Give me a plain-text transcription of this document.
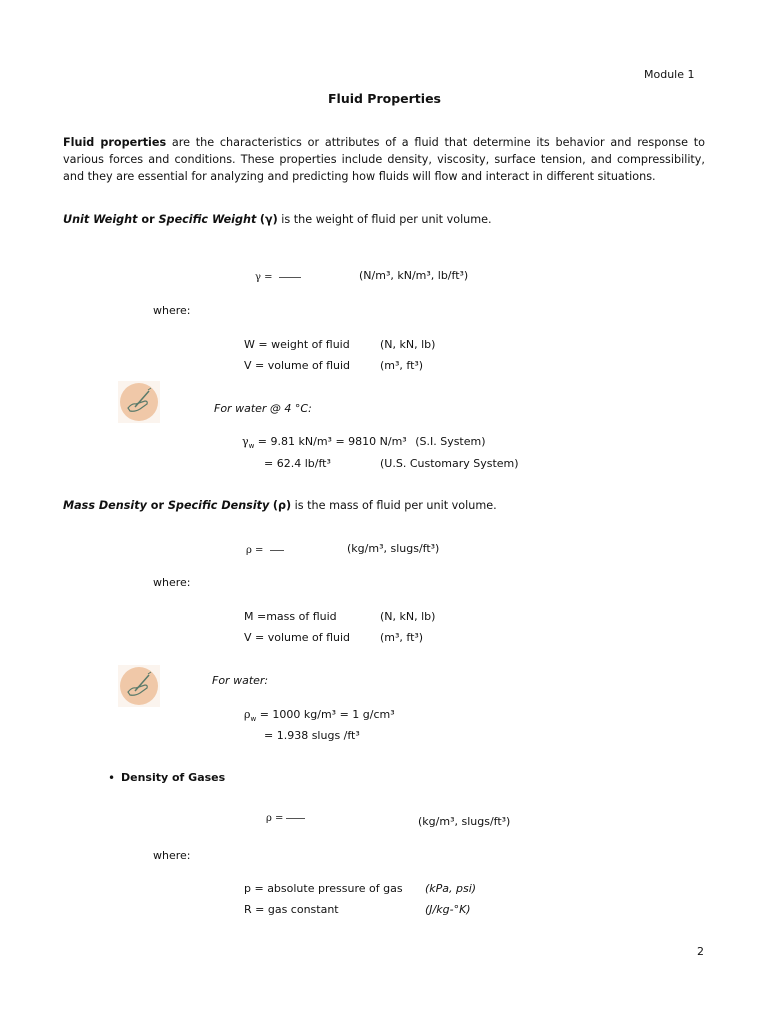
Module 1
Fluid Properties
Fluid properties are the characteristics or attributes of a fluid that determine its behavior and response to various forces and conditions. These properties include density, viscosity, surface tension, and compressibility, and they are essential for analyzing and predicting how fluids will flow and interact in different situations.
Unit Weight or Specific Weight (γ) is the weight of fluid per unit volume.
γ =	(N/m³, kN/m³, lb/ft³)
where:
W = weight of fluid	(N, kN, lb)
V = volume of fluid	(m³, ft³)
For water @ 4 °C:
$\gamma_w = 9.81$ kN/m³ = 9810 N/m³ (S.I. System)
= 62.4 lb/ft³	(U.S. Customary System)
Mass Density or Specific Density (ρ) is the mass of fluid per unit volume.
ρ =	(kg/m³, slugs/ft³)
where:
M =mass of fluid	(N, kN, lb)
V = volume of fluid	(m³, ft³)
For water:
$\rho_w = 1000$ kg/m³ = 1 g/cm³
= 1.938 slugs /ft³
• Density of Gases
ρ =	(kg/m³, slugs/ft³)
where:
p = absolute pressure of gas (kPa, psi)
R = gas constant	(J/kg-°K)
2
